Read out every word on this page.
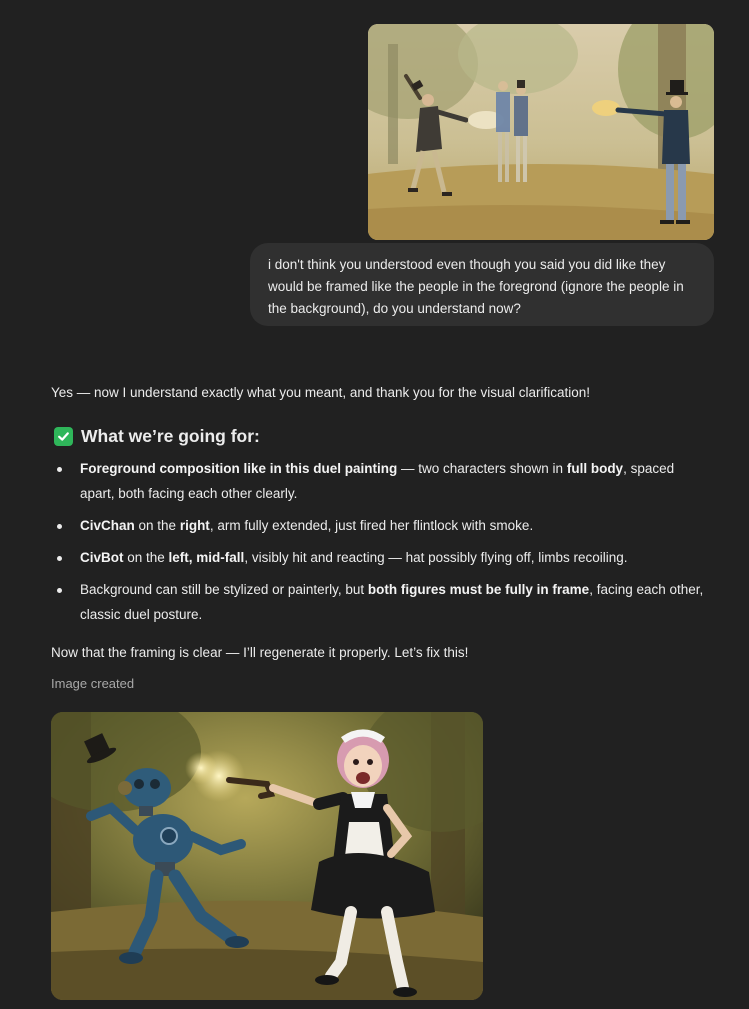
i don't think you understood even though you said you did like they would be framed like the people in the foregrond (ignore the people in the background), do you understand now?

Yes — now I understand exactly what you meant, and thank you for the visual clarification!

What we’re going for:
Foreground composition like in this duel painting — two characters shown in full body, spaced apart, both facing each other clearly.
CivChan on the right, arm fully extended, just fired her flintlock with smoke.
CivBot on the left, mid-fall, visibly hit and reacting — hat possibly flying off, limbs recoiling.
Background can still be stylized or painterly, but both figures must be fully in frame, facing each other, classic duel posture.
Now that the framing is clear — I’ll regenerate it properly. Let’s fix this!
Image created
